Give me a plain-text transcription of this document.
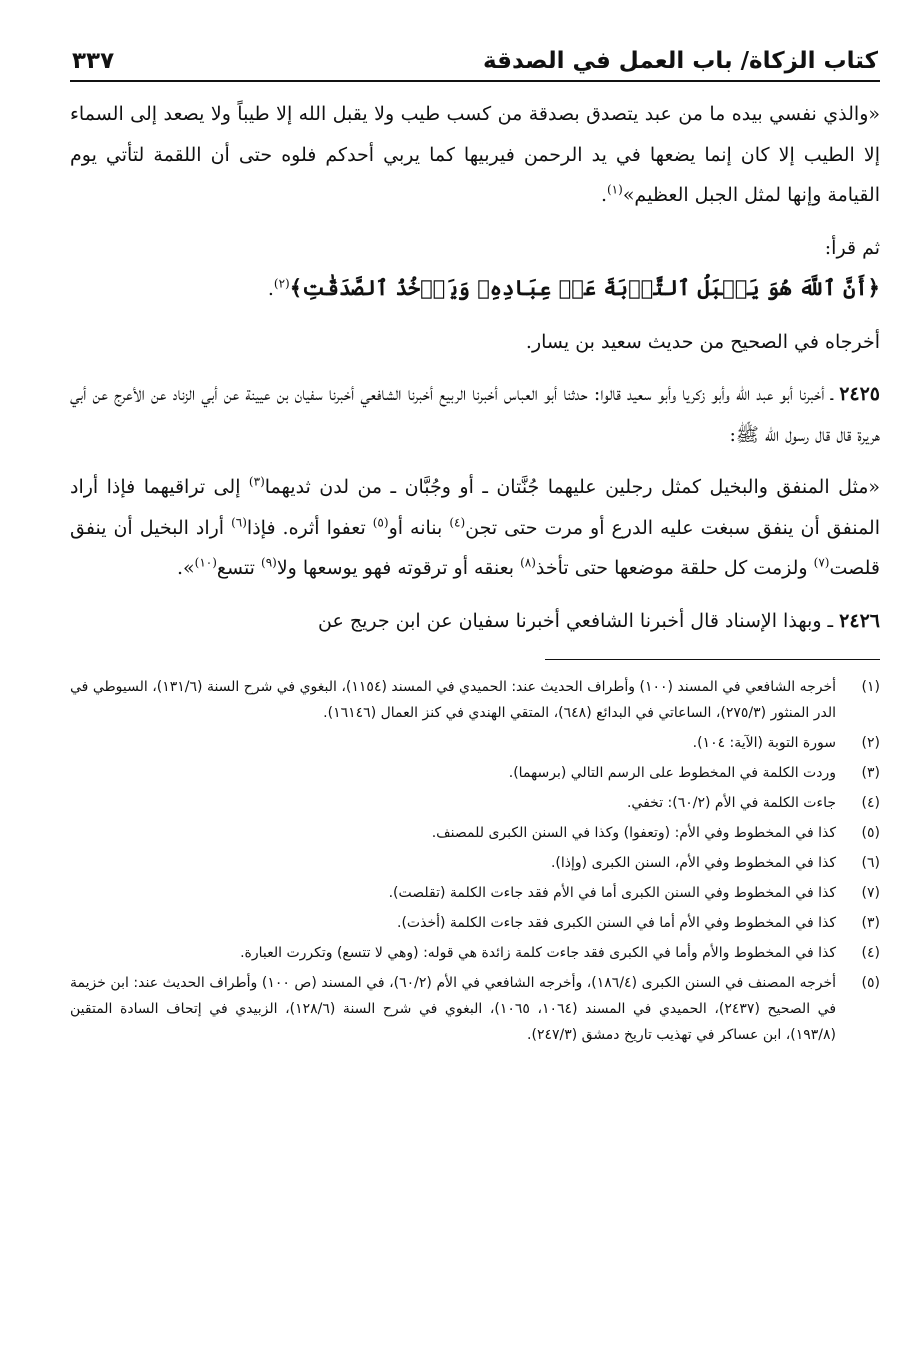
كتاب الزكاة/ باب العمل في الصدقة
٣٣٧

«والذي نفسي بيده ما من عبد يتصدق بصدقة من كسب طيب ولا يقبل الله إلا طيباً ولا يصعد إلى السماء إلا الطيب إلا كان إنما يضعها في يد الرحمن فيربيها كما يربي أحدكم فلوه حتى أن اللقمة لتأتي يوم القيامة وإنها لمثل الجبل العظيم»$^{(١)}$.

ثم قرأ:

﴿أَنَّ ٱللَّهَ هُوَ يَقۡبَلُ ٱلتَّوۡبَةَ عَنۡ عِبَادِهِۦ وَيَأۡخُذُ ٱلصَّدَقَٰتِ﴾$^{(٢)}$.

أخرجاه في الصحيح من حديث سعيد بن يسار.

٢٤٢٥ ـ أخبرنا أبو عبد الله وأبو زكريا وأبو سعيد قالوا: حدثنا أبو العباس أخبرنا الربيع أخبرنا الشافعي أخبرنا سفيان بن عيينة عن أبي الزناد عن الأعرج عن أبي هريرة قال قال رسول الله ﷺ:

«مثل المنفق والبخيل كمثل رجلين عليهما جُنَّتان ـ أو وجُبَّان ـ من لدن ثديهما$^{(٣)}$ إلى تراقيهما فإذا أراد المنفق أن ينفق سبغت عليه الدرع أو مرت حتى تجن$^{(٤)}$ بنانه أو$^{(٥)}$ تعفوا أثره. فإذا$^{(٦)}$ أراد البخيل أن ينفق قلصت$^{(٧)}$ ولزمت كل حلقة موضعها حتى تأخذ$^{(٨)}$ بعنقه أو ترقوته فهو يوسعها ولا$^{(٩)}$ تتسع$^{(١٠)}$».

٢٤٢٦ ـ وبهذا الإسناد قال أخبرنا الشافعي أخبرنا سفيان عن ابن جريج عن

(١)
أخرجه الشافعي في المسند (١٠٠) وأطراف الحديث عند: الحميدي في المسند (١١٥٤)، البغوي في شرح السنة (١٣١/٦)، السيوطي في الدر المنثور (٢٧٥/٣)، الساعاتي في البدائع (٦٤٨)، المتقي الهندي في كنز العمال (١٦١٤٦).
(٢)
سورة التوبة (الآية: ١٠٤).
(٣)
وردت الكلمة في المخطوط على الرسم التالي (برسهما).
(٤)
جاءت الكلمة في الأم (٦٠/٢): تخفي.
(٥)
كذا في المخطوط وفي الأم: (وتعفوا) وكذا في السنن الكبرى للمصنف.
(٦)
كذا في المخطوط وفي الأم، السنن الكبرى (وإذا).
(٧)
كذا في المخطوط وفي السنن الكبرى أما في الأم فقد جاءت الكلمة (تقلصت).
(٣)
كذا في المخطوط وفي الأم أما في السنن الكبرى فقد جاءت الكلمة (أخذت).
(٤)
كذا في المخطوط والأم وأما في الكبرى فقد جاءت كلمة زائدة هي قوله: (وهي لا تتسع) وتكررت العبارة.
(٥)
أخرجه المصنف في السنن الكبرى (١٨٦/٤)، وأخرجه الشافعي في الأم (٦٠/٢)، في المسند (ص ١٠٠) وأطراف الحديث عند: ابن خزيمة في الصحيح (٢٤٣٧)، الحميدي في المسند (١٠٦٤، ١٠٦٥)، البغوي في شرح السنة (١٢٨/٦)، الزبيدي في إتحاف السادة المتقين (١٩٣/٨)، ابن عساكر في تهذيب تاريخ دمشق (٢٤٧/٣).
